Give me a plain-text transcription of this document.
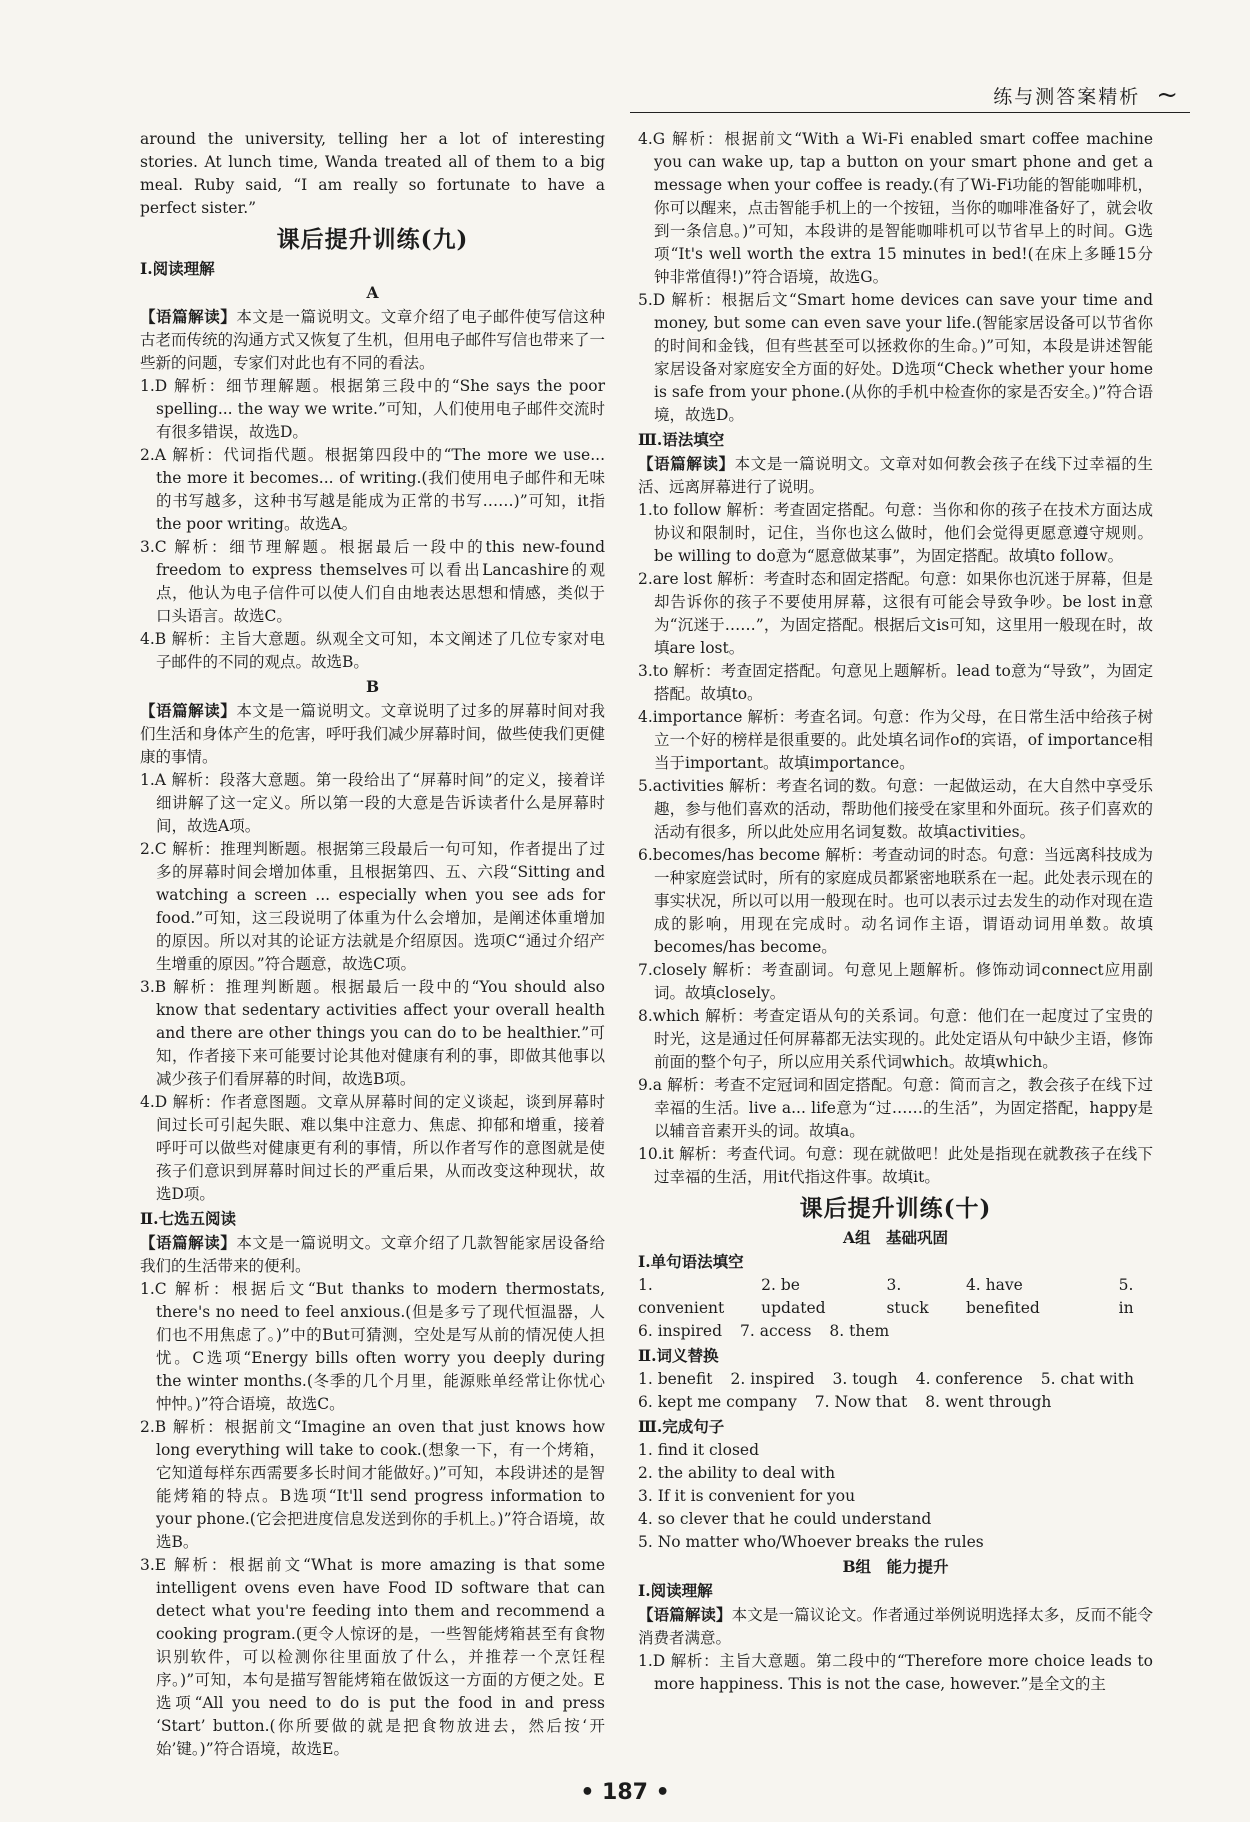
练与测答案精析 ~

around the university, telling her a lot of interesting stories. At lunch time, Wanda treated all of them to a big meal. Ruby said, “I am really so fortunate to have a perfect sister.”

课后提升训练(九)
Ⅰ.阅读理解
A

【语篇解读】本文是一篇说明文。文章介绍了电子邮件使写信这种古老而传统的沟通方式又恢复了生机，但用电子邮件写信也带来了一些新的问题，专家们对此也有不同的看法。

1.D 解析：细节理解题。根据第三段中的“She says the poor spelling... the way we write.”可知，人们使用电子邮件交流时有很多错误，故选D。

2.A 解析：代词指代题。根据第四段中的“The more we use... the more it becomes... of writing.(我们使用电子邮件和无味的书写越多，这种书写越是能成为正常的书写……)”可知，it指the poor writing。故选A。

3.C 解析：细节理解题。根据最后一段中的this new-found freedom to express themselves可以看出Lancashire的观点，他认为电子信件可以使人们自由地表达思想和情感，类似于口头语言。故选C。

4.B 解析：主旨大意题。纵观全文可知，本文阐述了几位专家对电子邮件的不同的观点。故选B。

B

【语篇解读】本文是一篇说明文。文章说明了过多的屏幕时间对我们生活和身体产生的危害，呼吁我们减少屏幕时间，做些使我们更健康的事情。

1.A 解析：段落大意题。第一段给出了“屏幕时间”的定义，接着详细讲解了这一定义。所以第一段的大意是告诉读者什么是屏幕时间，故选A项。

2.C 解析：推理判断题。根据第三段最后一句可知，作者提出了过多的屏幕时间会增加体重，且根据第四、五、六段“Sitting and watching a screen ... especially when you see ads for food.”可知，这三段说明了体重为什么会增加，是阐述体重增加的原因。所以对其的论证方法就是介绍原因。选项C“通过介绍产生增重的原因。”符合题意，故选C项。

3.B 解析：推理判断题。根据最后一段中的“You should also know that sedentary activities affect your overall health and there are other things you can do to be healthier.”可知，作者接下来可能要讨论其他对健康有利的事，即做其他事以减少孩子们看屏幕的时间，故选B项。

4.D 解析：作者意图题。文章从屏幕时间的定义谈起，谈到屏幕时间过长可引起失眠、难以集中注意力、焦虑、抑郁和增重，接着呼吁可以做些对健康更有利的事情，所以作者写作的意图就是使孩子们意识到屏幕时间过长的严重后果，从而改变这种现状，故选D项。

Ⅱ.七选五阅读

【语篇解读】本文是一篇说明文。文章介绍了几款智能家居设备给我们的生活带来的便利。

1.C 解析：根据后文“But thanks to modern thermostats, there's no need to feel anxious.(但是多亏了现代恒温器，人们也不用焦虑了。)”中的But可猜测，空处是写从前的情况使人担忧。C选项“Energy bills often worry you deeply during the winter months.(冬季的几个月里，能源账单经常让你忧心忡忡。)”符合语境，故选C。

2.B 解析：根据前文“Imagine an oven that just knows how long everything will take to cook.(想象一下，有一个烤箱，它知道每样东西需要多长时间才能做好。)”可知，本段讲述的是智能烤箱的特点。B选项“It'll send progress information to your phone.(它会把进度信息发送到你的手机上。)”符合语境，故选B。

3.E 解析：根据前文“What is more amazing is that some intelligent ovens even have Food ID software that can detect what you're feeding into them and recommend a cooking program.(更令人惊讶的是，一些智能烤箱甚至有食物识别软件，可以检测你往里面放了什么，并推荐一个烹饪程序。)”可知，本句是描写智能烤箱在做饭这一方面的方便之处。E选项“All you need to do is put the food in and press ‘Start’ button.(你所要做的就是把食物放进去，然后按‘开始’键。)”符合语境，故选E。

4.G 解析：根据前文“With a Wi-Fi enabled smart coffee machine you can wake up, tap a button on your smart phone and get a message when your coffee is ready.(有了Wi-Fi功能的智能咖啡机，你可以醒来，点击智能手机上的一个按钮，当你的咖啡准备好了，就会收到一条信息。)”可知，本段讲的是智能咖啡机可以节省早上的时间。G选项“It's well worth the extra 15 minutes in bed!(在床上多睡15分钟非常值得!)”符合语境，故选G。

5.D 解析：根据后文“Smart home devices can save your time and money, but some can even save your life.(智能家居设备可以节省你的时间和金钱，但有些甚至可以拯救你的生命。)”可知，本段是讲述智能家居设备对家庭安全方面的好处。D选项“Check whether your home is safe from your phone.(从你的手机中检查你的家是否安全。)”符合语境，故选D。

Ⅲ.语法填空

【语篇解读】本文是一篇说明文。文章对如何教会孩子在线下过幸福的生活、远离屏幕进行了说明。

1.to follow 解析：考查固定搭配。句意：当你和你的孩子在技术方面达成协议和限制时，记住，当你也这么做时，他们会觉得更愿意遵守规则。be willing to do意为“愿意做某事”，为固定搭配。故填to follow。

2.are lost 解析：考查时态和固定搭配。句意：如果你也沉迷于屏幕，但是却告诉你的孩子不要使用屏幕，这很有可能会导致争吵。be lost in意为“沉迷于……”，为固定搭配。根据后文is可知，这里用一般现在时，故填are lost。

3.to 解析：考查固定搭配。句意见上题解析。lead to意为“导致”，为固定搭配。故填to。

4.importance 解析：考查名词。句意：作为父母，在日常生活中给孩子树立一个好的榜样是很重要的。此处填名词作of的宾语，of importance相当于important。故填importance。

5.activities 解析：考查名词的数。句意：一起做运动，在大自然中享受乐趣，参与他们喜欢的活动，帮助他们接受在家里和外面玩。孩子们喜欢的活动有很多，所以此处应用名词复数。故填activities。

6.becomes/has become 解析：考查动词的时态。句意：当远离科技成为一种家庭尝试时，所有的家庭成员都紧密地联系在一起。此处表示现在的事实状况，所以可以用一般现在时。也可以表示过去发生的动作对现在造成的影响，用现在完成时。动名词作主语，谓语动词用单数。故填becomes/has become。

7.closely 解析：考查副词。句意见上题解析。修饰动词connect应用副词。故填closely。

8.which 解析：考查定语从句的关系词。句意：他们在一起度过了宝贵的时光，这是通过任何屏幕都无法实现的。此处定语从句中缺少主语，修饰前面的整个句子，所以应用关系代词which。故填which。

9.a 解析：考查不定冠词和固定搭配。句意：简而言之，教会孩子在线下过幸福的生活。live a... life意为“过……的生活”，为固定搭配，happy是以辅音音素开头的词。故填a。

10.it 解析：考查代词。句意：现在就做吧！此处是指现在就教孩子在线下过幸福的生活，用it代指这件事。故填it。

课后提升训练(十)
A组　基础巩固
Ⅰ.单句语法填空
1. convenient
2. be updated
3. stuck
4. have benefited
5. in
6. inspired 7. access 8. them
Ⅱ.词义替换
1. benefit 2. inspired 3. tough 4. conference 5. chat with
6. kept me company 7. Now that 8. went through
Ⅲ.完成句子

1. find it closed

2. the ability to deal with

3. If it is convenient for you

4. so clever that he could understand

5. No matter who/Whoever breaks the rules

B组　能力提升
Ⅰ.阅读理解

【语篇解读】本文是一篇议论文。作者通过举例说明选择太多，反而不能令消费者满意。

1.D 解析：主旨大意题。第二段中的“Therefore more choice leads to more happiness. This is not the case, however.”是全文的主

• 187 •
